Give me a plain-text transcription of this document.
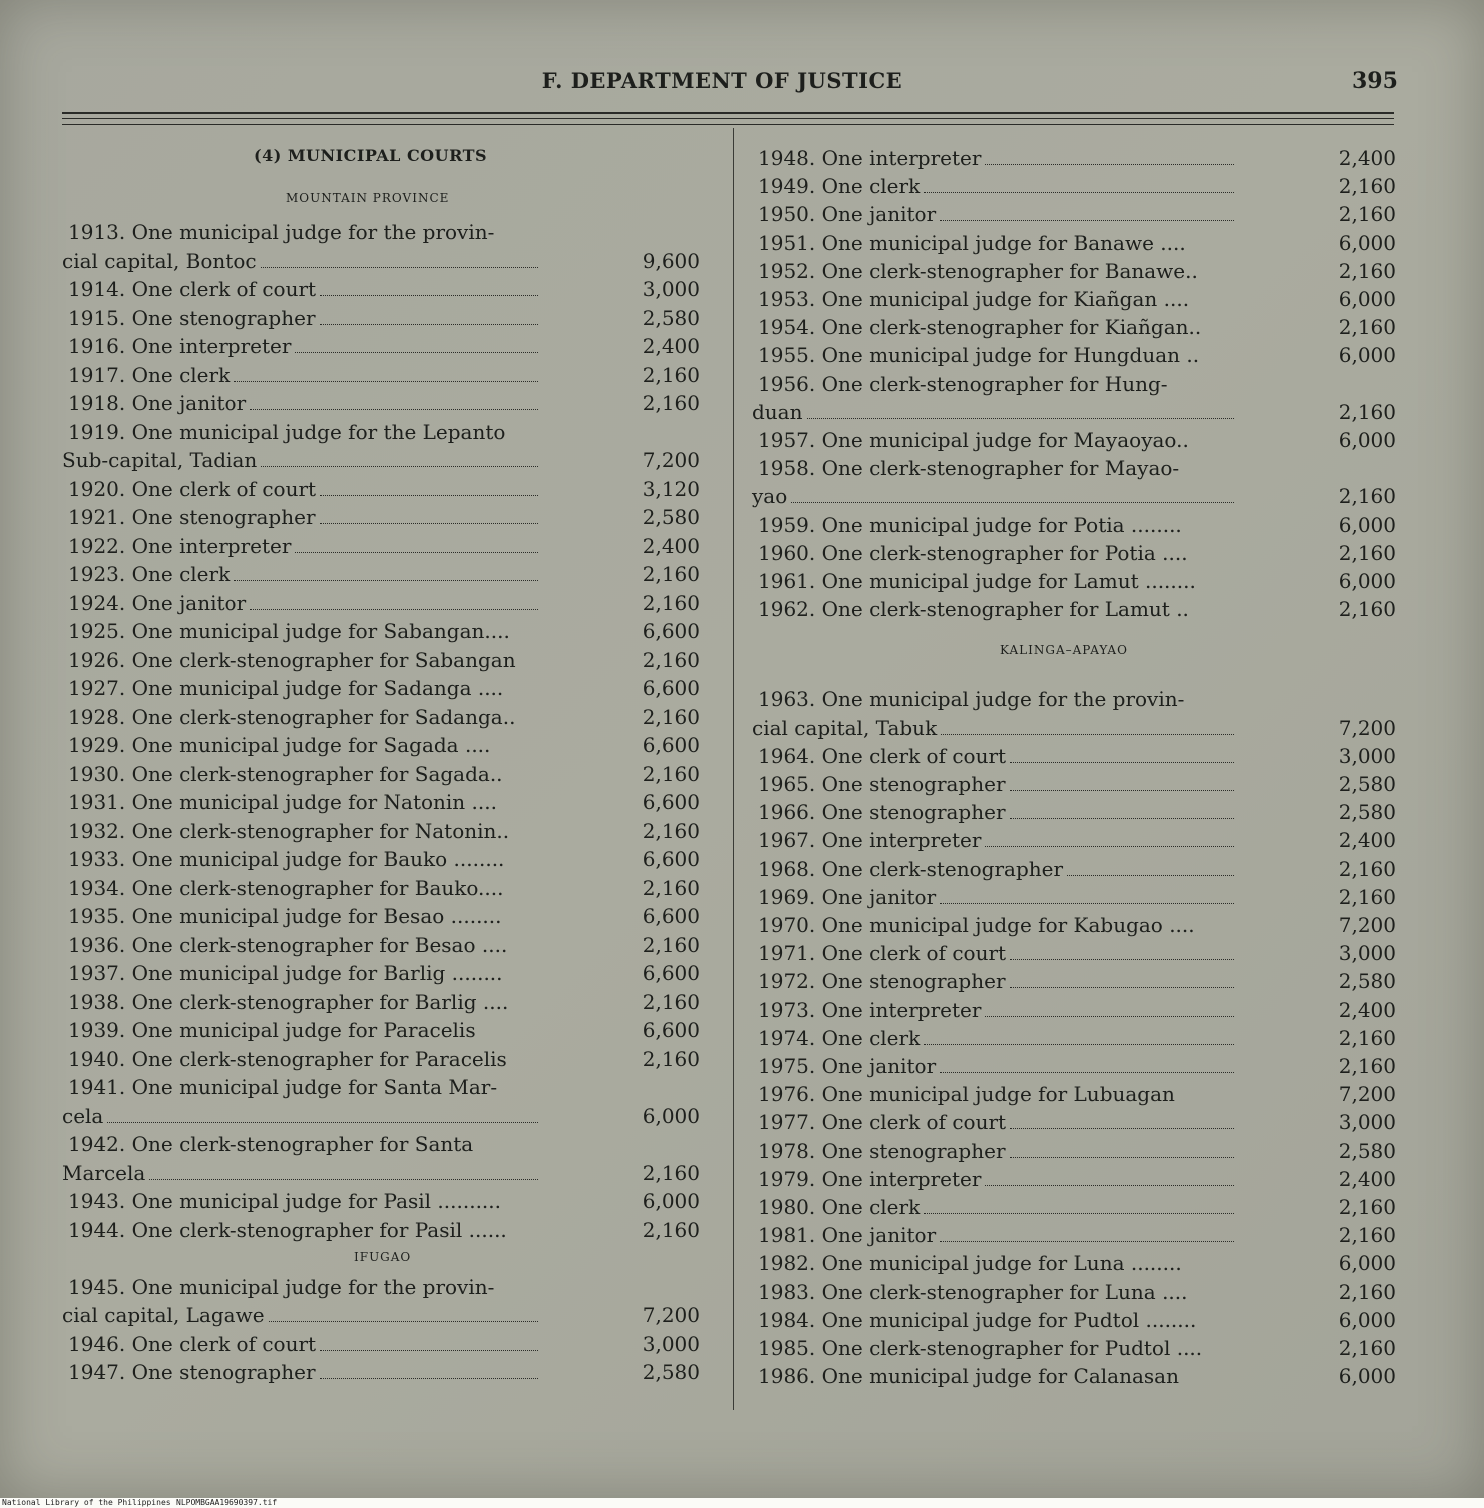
F. DEPARTMENT OF JUSTICE	395
(4) MUNICIPAL COURTS
MOUNTAIN PROVINCE
1913. One municipal judge for the provin-
cial capital, Bontoc	9,600
1914. One clerk of court	3,000
1915. One stenographer	2,580
1916. One interpreter	2,400
1917. One clerk	2,160
1918. One janitor	2,160
1919. One municipal judge for the Lepanto
Sub-capital, Tadian	7,200
1920. One clerk of court	3,120
1921. One stenographer	2,580
1922. One interpreter	2,400
1923. One clerk	2,160
1924. One janitor	2,160
1925. One municipal judge for Sabangan....	6,600
1926. One clerk-stenographer for Sabangan	2,160
1927. One municipal judge for Sadanga ....	6,600
1928. One clerk-stenographer for Sadanga..	2,160
1929. One municipal judge for Sagada ....	6,600
1930. One clerk-stenographer for Sagada..	2,160
1931. One municipal judge for Natonin ....	6,600
1932. One clerk-stenographer for Natonin..	2,160
1933. One municipal judge for Bauko ........	6,600
1934. One clerk-stenographer for Bauko....	2,160
1935. One municipal judge for Besao ........	6,600
1936. One clerk-stenographer for Besao ....	2,160
1937. One municipal judge for Barlig ........	6,600
1938. One clerk-stenographer for Barlig ....	2,160
1939. One municipal judge for Paracelis	6,600
1940. One clerk-stenographer for Paracelis	2,160
1941. One municipal judge for Santa Mar-
cela	6,000
1942. One clerk-stenographer for Santa
Marcela	2,160
1943. One municipal judge for Pasil ..........	6,000
1944. One clerk-stenographer for Pasil ......	2,160
IFUGAO
1945. One municipal judge for the provin-
cial capital, Lagawe	7,200
1946. One clerk of court	3,000
1947. One stenographer	2,580
1948. One interpreter	2,400
1949. One clerk	2,160
1950. One janitor	2,160
1951. One municipal judge for Banawe ....	6,000
1952. One clerk-stenographer for Banawe..	2,160
1953. One municipal judge for Kiañgan ....	6,000
1954. One clerk-stenographer for Kiañgan..	2,160
1955. One municipal judge for Hungduan ..	6,000
1956. One clerk-stenographer for Hung-
duan	2,160
1957. One municipal judge for Mayaoyao..	6,000
1958. One clerk-stenographer for Mayao-
yao	2,160
1959. One municipal judge for Potia ........	6,000
1960. One clerk-stenographer for Potia ....	2,160
1961. One municipal judge for Lamut ........	6,000
1962. One clerk-stenographer for Lamut ..	2,160
KALINGA–APAYAO
1963. One municipal judge for the provin-
cial capital, Tabuk	7,200
1964. One clerk of court	3,000
1965. One stenographer	2,580
1966. One stenographer	2,580
1967. One interpreter	2,400
1968. One clerk-stenographer	2,160
1969. One janitor	2,160
1970. One municipal judge for Kabugao ....	7,200
1971. One clerk of court	3,000
1972. One stenographer	2,580
1973. One interpreter	2,400
1974. One clerk	2,160
1975. One janitor	2,160
1976. One municipal judge for Lubuagan	7,200
1977. One clerk of court	3,000
1978. One stenographer	2,580
1979. One interpreter	2,400
1980. One clerk	2,160
1981. One janitor	2,160
1982. One municipal judge for Luna ........	6,000
1983. One clerk-stenographer for Luna ....	2,160
1984. One municipal judge for Pudtol ........	6,000
1985. One clerk-stenographer for Pudtol ....	2,160
1986. One municipal judge for Calanasan	6,000
National Library of the Philippines NLPOMBGAA19690397.tif
